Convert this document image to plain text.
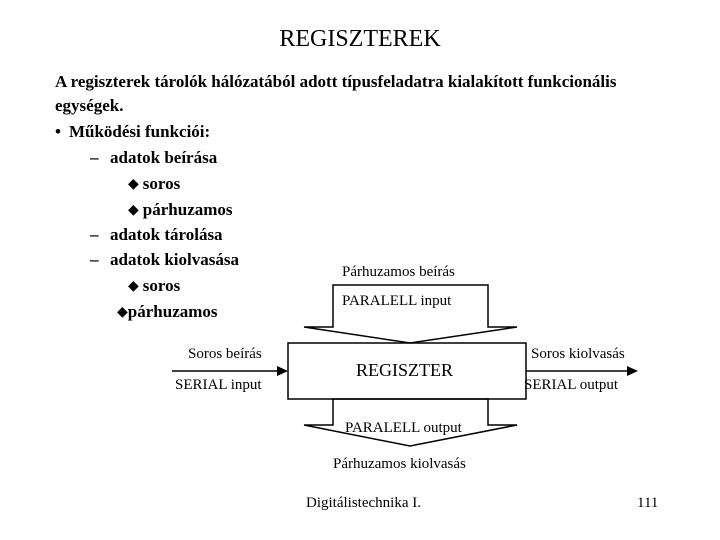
REGISZTEREK
A regiszterek tárolók hálózatából adott típusfeladatra kialakított funkcionális
egységek.
• Működési funkciói:
– adatok beírása
◆ soros
◆ párhuzamos
– adatok tárolása
– adatok kiolvasása
◆ soros
◆párhuzamos
Párhuzamos beírás
PARALELL input
REGISZTER
Soros beírás
SERIAL input
Soros kiolvasás
SERIAL output
PARALELL output
Párhuzamos kiolvasás
Digitálistechnika I.	111
